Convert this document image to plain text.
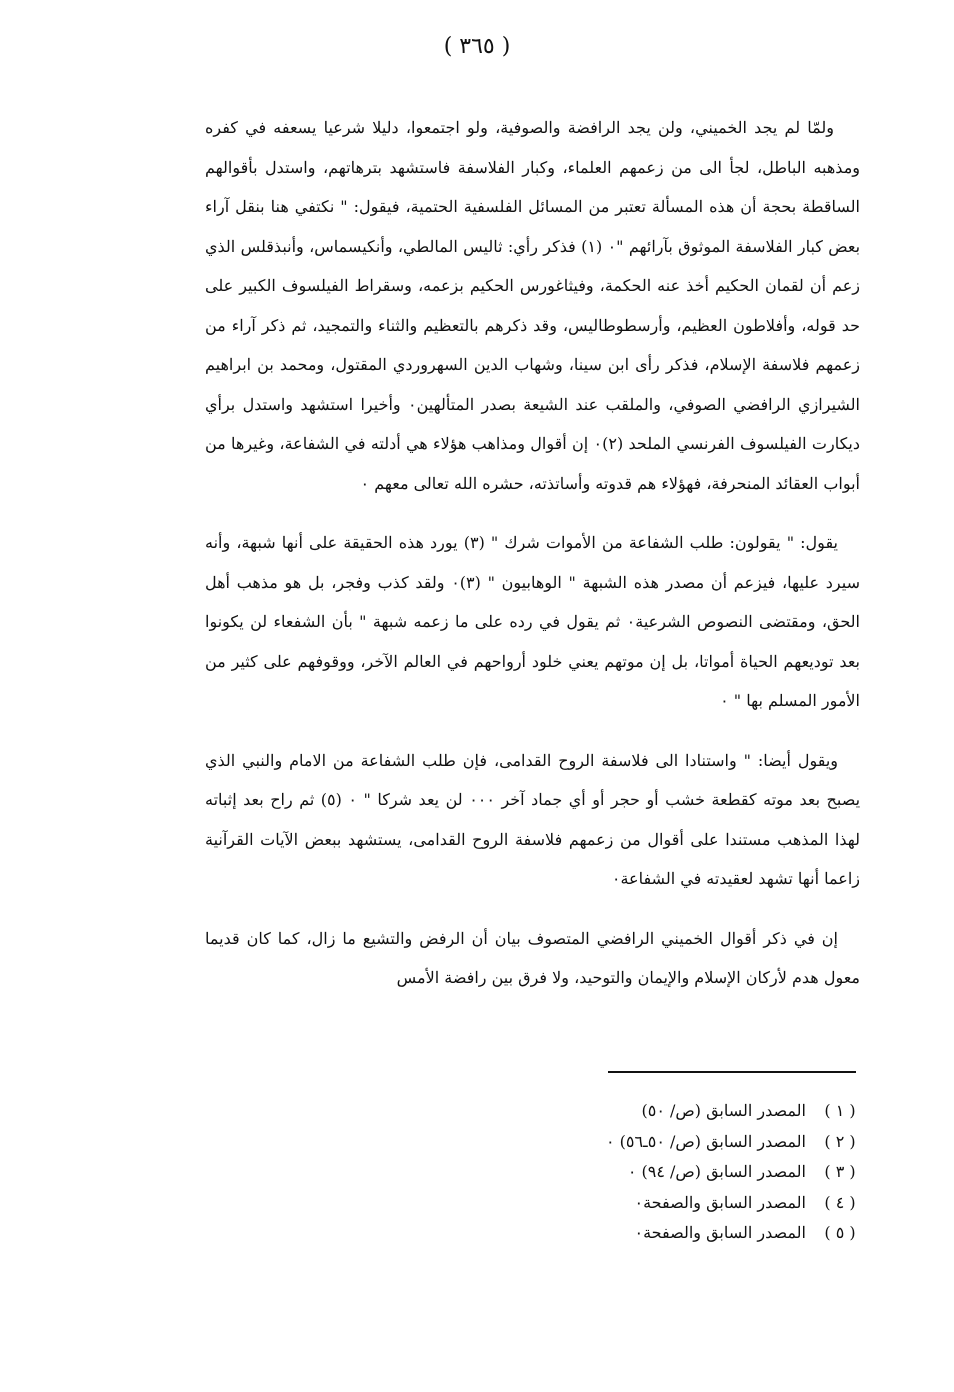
( ٣٦٥ )

ولمّا لم يجد الخميني، ولن يجد الرافضة والصوفية، ولو اجتمعوا، دليلا شرعيا يسعفه في كفره ومذهبه الباطل، لجأ الى من زعمهم العلماء، وكبار الفلاسفة فاستشهد بترهاتهم، واستدل بأقوالهم الساقطة بحجة أن هذه المسألة تعتبر من المسائل الفلسفية الحتمية، فيقول: " نكتفي هنا بنقل آراء بعض كبار الفلاسفة الموثوق بآرائهم "٠ (١) فذكر رأي: ثاليس المالطي، وأنكيسماس، وأنبذقلس الذي زعم أن لقمان الحكيم أخذ عنه الحكمة، وفيثاغورس الحكيم بزعمه، وسقراط الفيلسوف الكبير على حد قوله، وأفلاطون العظيم، وأرسطوطاليس، وقد ذكرهم بالتعظيم والثناء والتمجيد، ثم ذكر آراء من زعمهم فلاسفة الإسلام، فذكر رأى ابن سينا، وشهاب الدين السهروردي المقتول، ومحمد بن ابراهيم الشيرازي الرافضي الصوفي، والملقب عند الشيعة بصدر المتألهين٠ وأخيرا استشهد واستدل برأي ديكارت الفيلسوف الفرنسي الملحد (٢)٠ إن أقوال ومذاهب هؤلاء هي أدلته في الشفاعة، وغيرها من أبواب العقائد المنحرفة، فهؤلاء هم قدوته وأساتذته، حشره الله تعالى معهم ٠

يقول: " يقولون: طلب الشفاعة من الأموات شرك " (٣) يورد هذه الحقيقة على أنها شبهة، وأنه سيرد عليها، فيزعم أن مصدر هذه الشبهة " الوهابيون " (٣)٠ ولقد كذب وفجر، بل هو مذهب أهل الحق، ومقتضى النصوص الشرعية٠ ثم يقول في رده على ما زعمه شبهة " بأن الشفعاء لن يكونوا بعد توديعهم الحياة أمواتا، بل إن موتهم يعني خلود أرواحهم في العالم الآخر، ووقوفهم على كثير من الأمور المسلم بها " ٠

ويقول أيضا: " واستنادا الى فلاسفة الروح القدامى، فإن طلب الشفاعة من الامام والنبي الذي يصبح بعد موته كقطعة خشب أو حجر أو أي جماد آخر ٠٠٠ لن يعد شركا " ٠ (٥) ثم راح بعد إثباته لهذا المذهب مستندا على أقوال من زعمهم فلاسفة الروح القدامى، يستشهد ببعض الآيات القرآنية زاعما أنها تشهد لعقيدته في الشفاعة٠

إن في ذكر أقوال الخميني الرافضي المتصوف بيان أن الرفض والتشيع ما زال، كما كان قديما معول هدم لأركان الإسلام والإيمان والتوحيد، ولا فرق بين رافضة الأمس

( ١ )المصدر السابق (ص/ ٥٠)
( ٢ )المصدر السابق (ص/ ٥٠ـ٥٦) ٠
( ٣ )المصدر السابق (ص/ ٩٤) ٠
( ٤ )المصدر السابق والصفحة٠
( ٥ )المصدر السابق والصفحة٠
